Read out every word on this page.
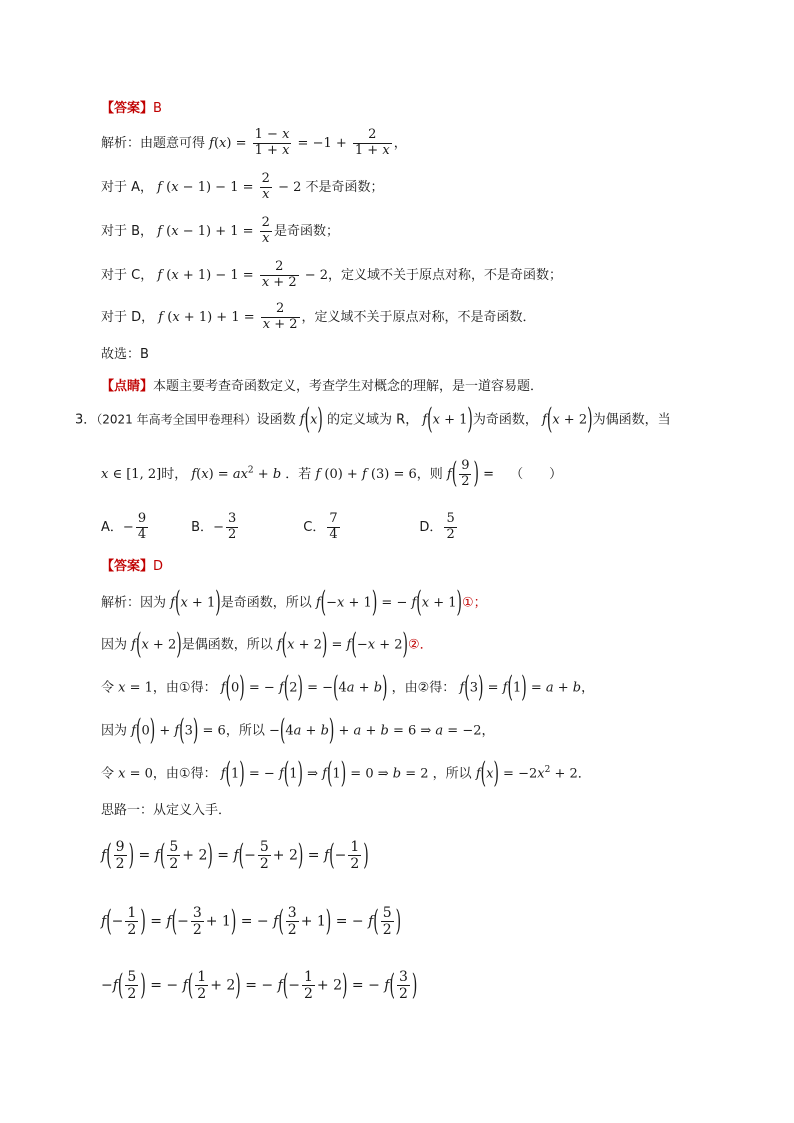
【答案】B
解析：由题意可得 $f(x) = \frac{1 - x}{1 + x} = -1 + \frac{2}{1 + x}$ ，
对于 A， f $(x - 1) - 1 = \frac{2}{x} - 2$ 不是奇函数；
对于 B， f $(x - 1) + 1 = \frac{2}{x}$ 是奇函数；
对于 C， f $(x + 1) - 1 = \frac{2}{x + 2} - 2$，定义域不关于原点对称，不是奇函数；
对于 D， f $(x + 1) + 1 = \frac{2}{x + 2}$ ，定义域不关于原点对称，不是奇函数．
故选：B
【点睛】本题主要考查奇函数定义，考查学生对概念的理解，是一道容易题．
3．（2021 年高考全国甲卷理科）设函数 f(x) 的定义域为 R， f(x + 1)为奇函数， f(x + 2)为偶函数，当
x ∈ [1, 2]时， $f(x) = ax^2 + b$ ．若 f (0) + f (3) = 6，则 $f( \frac{9}{2}$ ) = （　　）
A．− $\frac{9}{4}$	B．− $\frac{3}{2}$	C． $\frac{7}{4}$	D． $\frac{5}{2}$
【答案】D
解析：因为 f(x + 1)是奇函数，所以 f(−x + 1) = − f(x + 1)①；
因为 f(x + 2)是偶函数，所以 f(x + 2) = f(−x + 2)②．
令 x = 1，由①得： f(0) = − f(2) = −(4a + b) ，由②得： f(3) = f(1) = a + b，
因为 f(0) + f(3) = 6，所以 −(4a + b) + a + b = 6 ⇒ a = −2，
令 x = 0，由①得： f(1) = − f(1) ⇒ f(1) = 0 ⇒ b = 2 ，所以 $f(x) = -2x^2 + 2$．
思路一：从定义入手．
$f( \frac{9}{2}$ ) = $f( \frac{5}{2} + 2) = f(- \frac{5}{2} + 2) = f(- \frac{1}{2}$ )
$f(- \frac{1}{2}$ ) = $f(- \frac{3}{2} + 1)$ = − $f( \frac{3}{2} + 1)$ = − $f( \frac{5}{2}$ )
$-f( \frac{5}{2}$ ) = − $f( \frac{1}{2} + 2)$ = − $f(- \frac{1}{2} + 2)$ = − $f( \frac{3}{2}$ )
